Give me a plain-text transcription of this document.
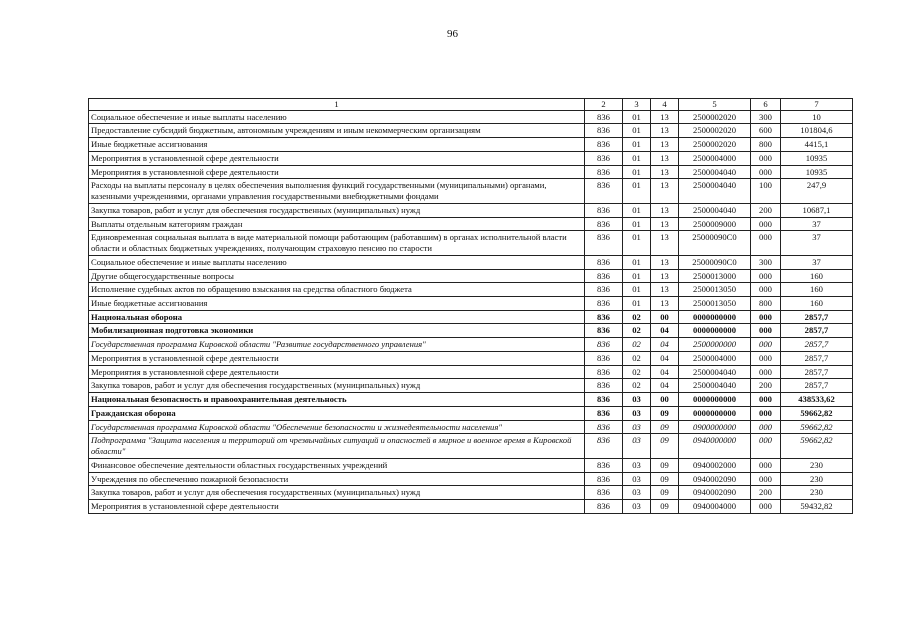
96
1	2	3	4	5	6	7
Социальное обеспечение и иные выплаты населению	836	01	13	2500002020	300	10
Предоставление субсидий бюджетным, автономным учреждениям и иным некоммерческим организациям	836	01	13	2500002020	600	101804,6
Иные бюджетные ассигнования	836	01	13	2500002020	800	4415,1
Мероприятия в установленной сфере деятельности	836	01	13	2500004000	000	10935
Мероприятия в установленной сфере деятельности	836	01	13	2500004040	000	10935
Расходы на выплаты персоналу в целях обеспечения выполнения функций государственными (муниципальными) органами, казенными учреждениями, органами управления государственными внебюджетными фондами	836	01	13	2500004040	100	247,9
Закупка товаров, работ и услуг для обеспечения государственных (муниципальных) нужд	836	01	13	2500004040	200	10687,1
Выплаты отдельным категориям граждан	836	01	13	2500009000	000	37
Единовременная социальная выплата в виде материальной помощи работающим (работавшим) в органах исполнительной власти области и областных бюджетных учреждениях, получающим страховую пенсию по старости	836	01	13	25000090С0	000	37
Социальное обеспечение и иные выплаты населению	836	01	13	25000090С0	300	37
Другие общегосударственные вопросы	836	01	13	2500013000	000	160
Исполнение судебных актов по обращению взыскания на средства областного бюджета	836	01	13	2500013050	000	160
Иные бюджетные ассигнования	836	01	13	2500013050	800	160
Национальная оборона	836	02	00	0000000000	000	2857,7
Мобилизационная подготовка экономики	836	02	04	0000000000	000	2857,7
Государственная программа Кировской области "Развитие государственного управления"	836	02	04	2500000000	000	2857,7
Мероприятия в установленной сфере деятельности	836	02	04	2500004000	000	2857,7
Мероприятия в установленной сфере деятельности	836	02	04	2500004040	000	2857,7
Закупка товаров, работ и услуг для обеспечения государственных (муниципальных) нужд	836	02	04	2500004040	200	2857,7
Национальная безопасность и правоохранительная деятельность	836	03	00	0000000000	000	438533,62
Гражданская оборона	836	03	09	0000000000	000	59662,82
Государственная программа Кировской области "Обеспечение безопасности и жизнедеятельности населения"	836	03	09	0900000000	000	59662,82
Подпрограмма "Защита населения и территорий от чрезвычайных ситуаций и опасностей в мирное и военное время в Кировской области"	836	03	09	0940000000	000	59662,82
Финансовое обеспечение деятельности областных государственных учреждений	836	03	09	0940002000	000	230
Учреждения по обеспечению пожарной безопасности	836	03	09	0940002090	000	230
Закупка товаров, работ и услуг для обеспечения государственных (муниципальных) нужд	836	03	09	0940002090	200	230
Мероприятия в установленной сфере деятельности	836	03	09	0940004000	000	59432,82
